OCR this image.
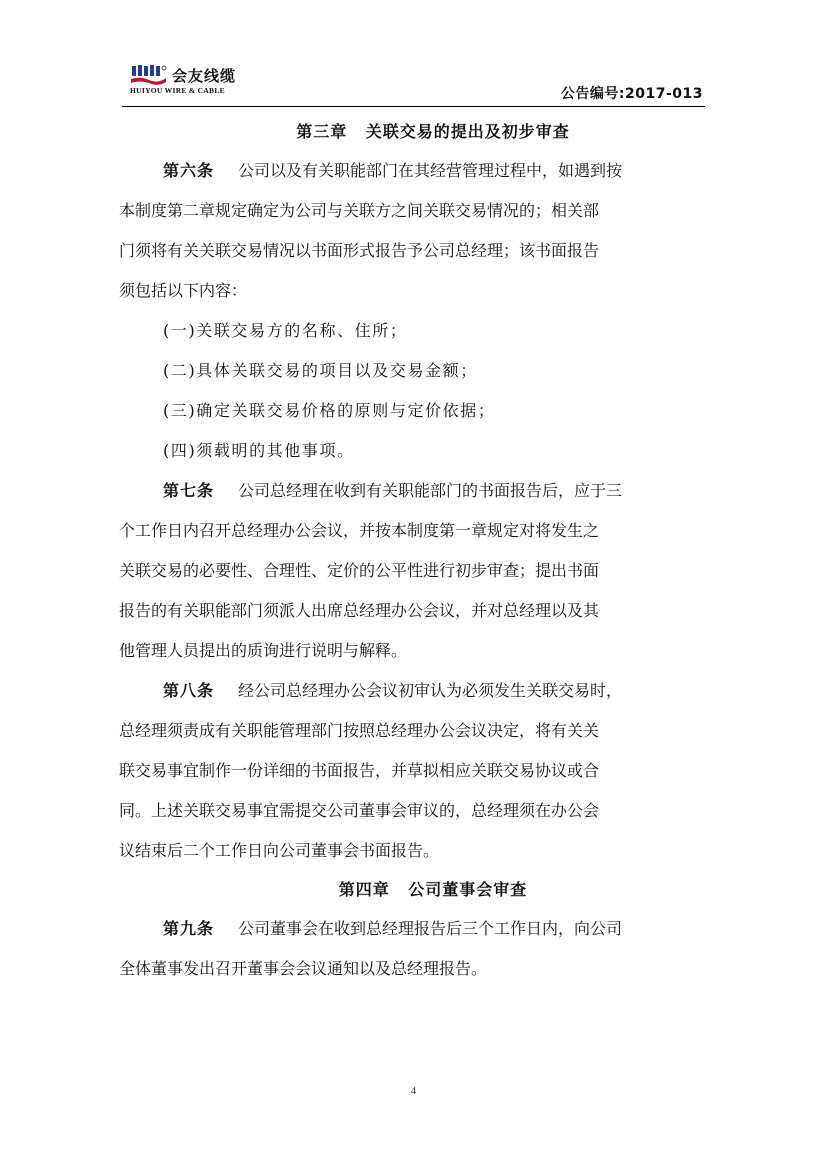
会友线缆
HUIYOU WIRE & CABLE	公告编号:2017-013
第三章 关联交易的提出及初步审查
第六条 公司以及有关职能部门在其经营管理过程中，如遇到按
本制度第二章规定确定为公司与关联方之间关联交易情况的；相关部
门须将有关关联交易情况以书面形式报告予公司总经理；该书面报告
须包括以下内容：
(一)关联交易方的名称、住所；
(二)具体关联交易的项目以及交易金额；
(三)确定关联交易价格的原则与定价依据；
(四)须载明的其他事项。
第七条 公司总经理在收到有关职能部门的书面报告后，应于三
个工作日内召开总经理办公会议，并按本制度第一章规定对将发生之
关联交易的必要性、合理性、定价的公平性进行初步审查；提出书面
报告的有关职能部门须派人出席总经理办公会议，并对总经理以及其
他管理人员提出的质询进行说明与解释。
第八条 经公司总经理办公会议初审认为必须发生关联交易时，
总经理须责成有关职能管理部门按照总经理办公会议决定，将有关关
联交易事宜制作一份详细的书面报告，并草拟相应关联交易协议或合
同。上述关联交易事宜需提交公司董事会审议的，总经理须在办公会
议结束后二个工作日向公司董事会书面报告。
第四章 公司董事会审查
第九条 公司董事会在收到总经理报告后三个工作日内，向公司
全体董事发出召开董事会会议通知以及总经理报告。
4
